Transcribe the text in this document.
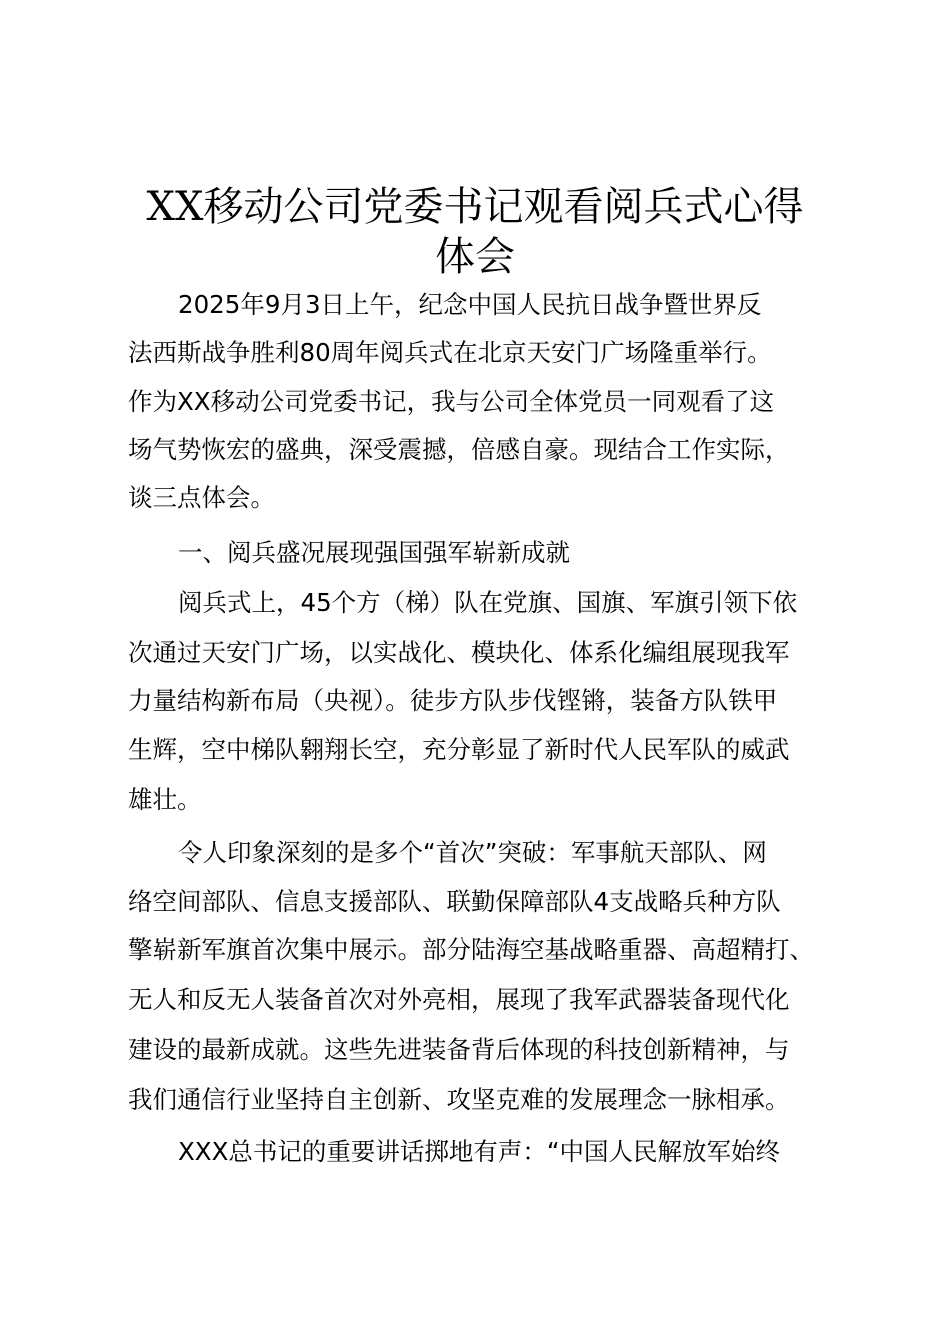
XX移动公司党委书记观看阅兵式心得
体会
2025年9月3日上午，纪念中国人民抗日战争暨世界反
法西斯战争胜利80周年阅兵式在北京天安门广场隆重举行。
作为XX移动公司党委书记，我与公司全体党员一同观看了这
场气势恢宏的盛典，深受震撼，倍感自豪。现结合工作实际，
谈三点体会。
一、阅兵盛况展现强国强军崭新成就
阅兵式上，45个方（梯）队在党旗、国旗、军旗引领下依
次通过天安门广场，以实战化、模块化、体系化编组展现我军
力量结构新布局（央视）。徒步方队步伐铿锵，装备方队铁甲
生辉，空中梯队翱翔长空，充分彰显了新时代人民军队的威武
雄壮。
令人印象深刻的是多个“首次”突破：军事航天部队、网
络空间部队、信息支援部队、联勤保障部队4支战略兵种方队
擎崭新军旗首次集中展示。部分陆海空基战略重器、高超精打、
无人和反无人装备首次对外亮相，展现了我军武器装备现代化
建设的最新成就。这些先进装备背后体现的科技创新精神，与
我们通信行业坚持自主创新、攻坚克难的发展理念一脉相承。
XXX总书记的重要讲话掷地有声：“中国人民解放军始终
